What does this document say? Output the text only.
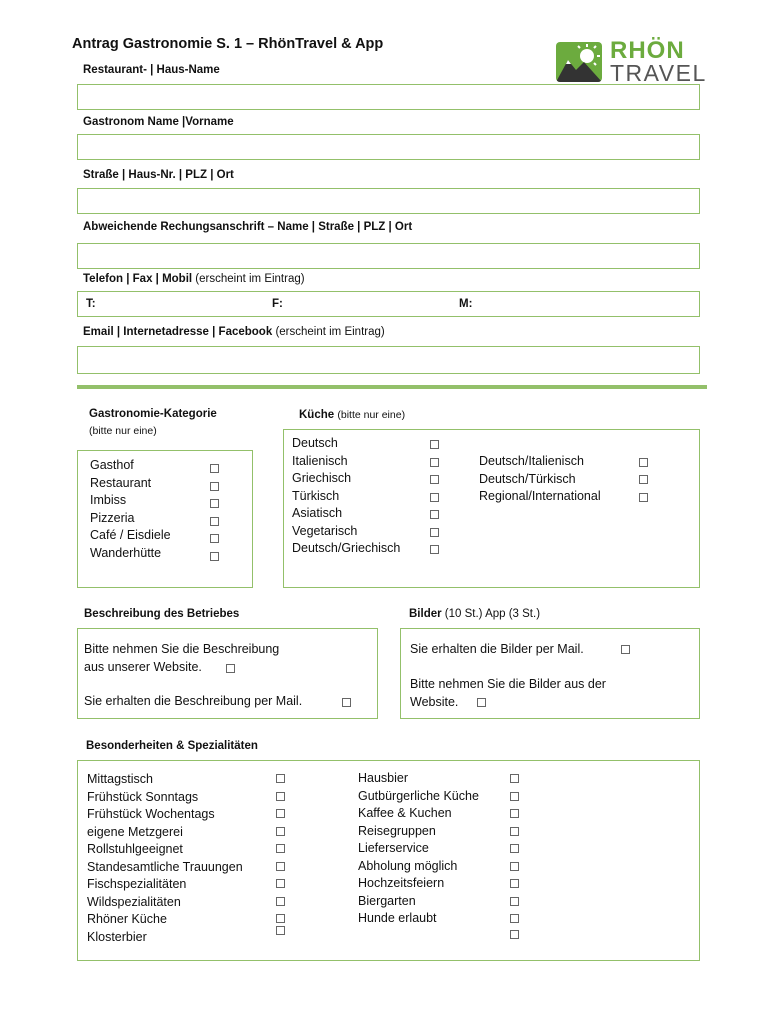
Antrag Gastronomie S. 1 – RhönTravel & App	RHÖN
TRAVEL
Restaurant- | Haus-Name
Gastronom Name |Vorname
Straße | Haus-Nr. | PLZ | Ort
Abweichende Rechungsanschrift – Name | Straße | PLZ | Ort
Telefon | Fax | Mobil (erscheint im Eintrag)
T:	F:	M:
Email | Internetadresse | Facebook (erscheint im Eintrag)
Gastronomie-Kategorie
(bitte nur eine)
Gasthof
Restaurant
Imbiss
Pizzeria
Café / Eisdiele
Wanderhütte
Küche (bitte nur eine)
Deutsch
Italienisch
Griechisch
Türkisch
Asiatisch
Vegetarisch
Deutsch/Griechisch
Deutsch/Italienisch
Deutsch/Türkisch
Regional/International
Beschreibung des Betriebes
Bitte nehmen Sie die Beschreibung
aus unserer Website.
Sie erhalten die Beschreibung per Mail.
Bilder (10 St.) App (3 St.)
Sie erhalten die Bilder per Mail.
Bitte nehmen Sie die Bilder aus der
Website.
Besonderheiten & Spezialitäten
Mittagstisch
Frühstück Sonntags
Frühstück Wochentags
eigene Metzgerei
Rollstuhlgeeignet
Standesamtliche Trauungen
Fischspezialitäten
Wildspezialitäten
Rhöner Küche
Klosterbier
Hausbier
Gutbürgerliche Küche
Kaffee & Kuchen
Reisegruppen
Lieferservice
Abholung möglich
Hochzeitsfeiern
Biergarten
Hunde erlaubt
